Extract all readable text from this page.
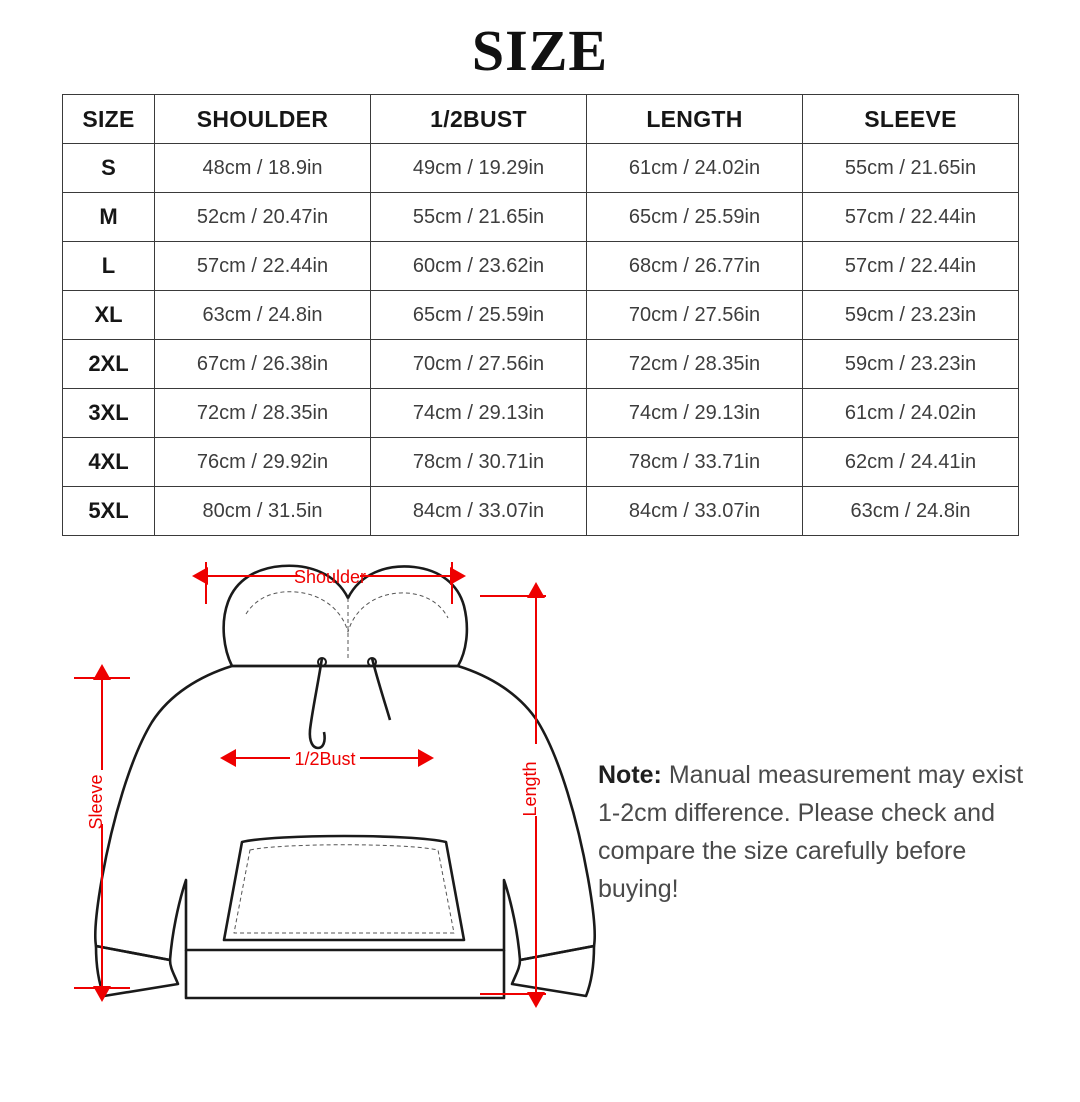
SIZE
SIZE	SHOULDER	1/2BUST	LENGTH	SLEEVE
S	48cm / 18.9in	49cm / 19.29in	61cm / 24.02in	55cm / 21.65in
M	52cm / 20.47in	55cm / 21.65in	65cm / 25.59in	57cm / 22.44in
L	57cm / 22.44in	60cm / 23.62in	68cm / 26.77in	57cm / 22.44in
XL	63cm / 24.8in	65cm / 25.59in	70cm / 27.56in	59cm / 23.23in
2XL	67cm / 26.38in	70cm / 27.56in	72cm / 28.35in	59cm / 23.23in
3XL	72cm / 28.35in	74cm / 29.13in	74cm / 29.13in	61cm / 24.02in
4XL	76cm / 29.92in	78cm / 30.71in	78cm / 33.71in	62cm / 24.41in
5XL	80cm / 31.5in	84cm / 33.07in	84cm / 33.07in	63cm / 24.8in
Shoulder
1/2Bust
Length
Sleeve	Note: Manual measurement may exist 1-2cm difference. Please check and compare the size carefully before buying!
